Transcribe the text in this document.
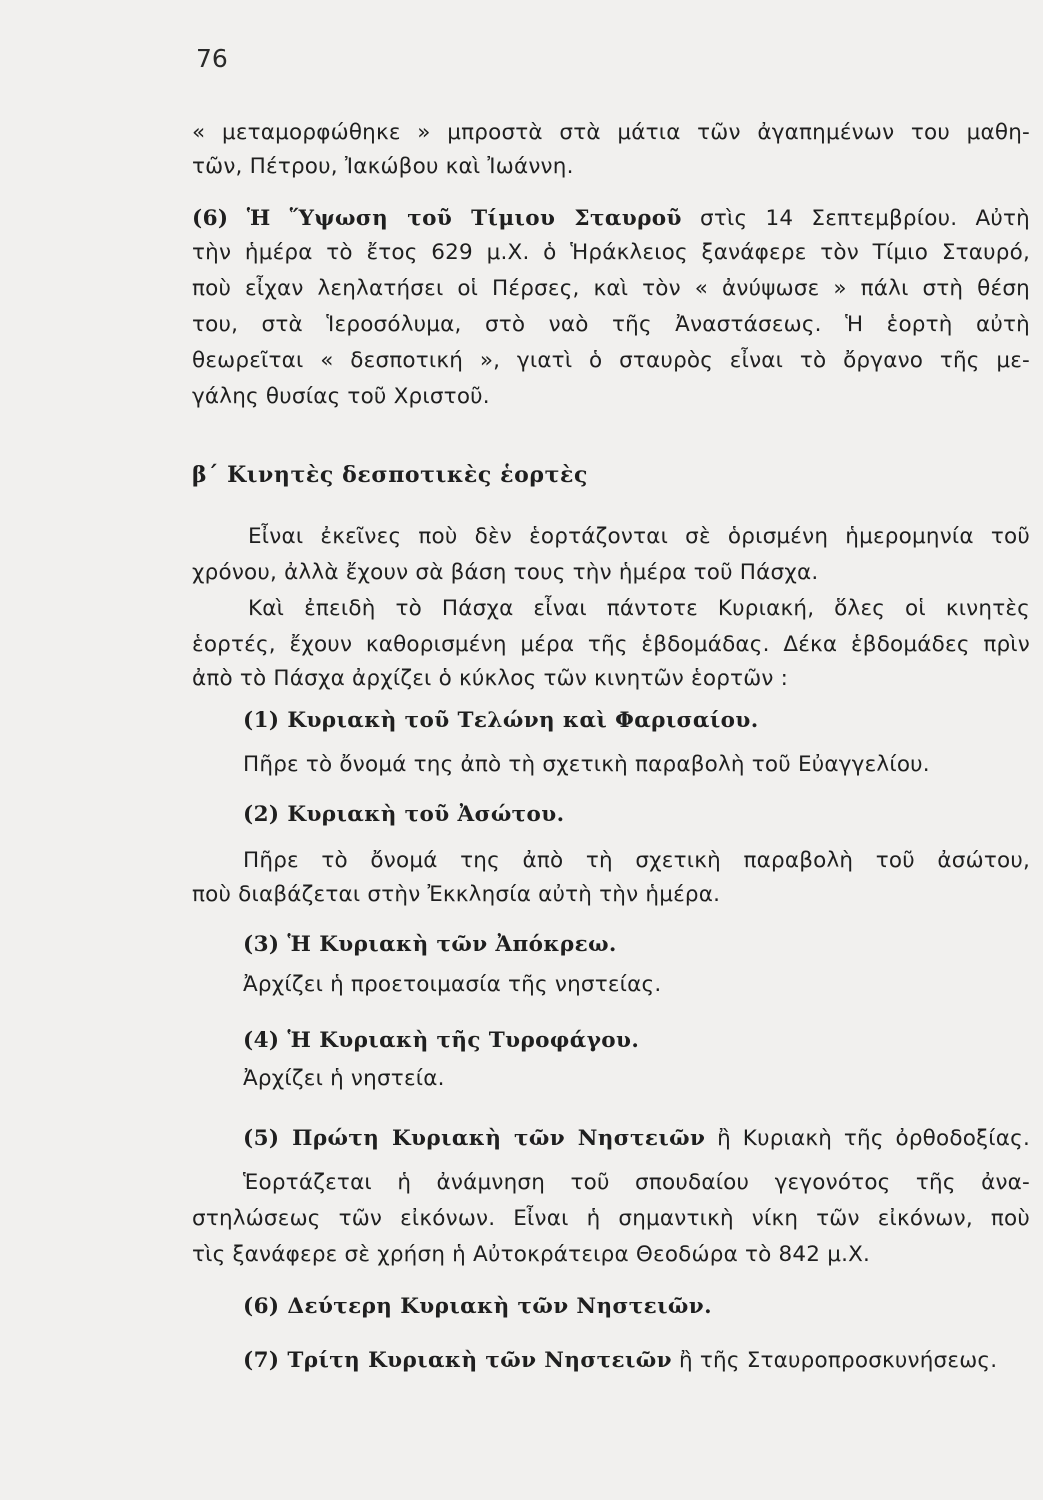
76
« μεταμορφώθηκε » μπροστὰ στὰ μάτια τῶν ἀγαπημένων του μαθη-
τῶν, Πέτρου, Ἰακώβου καὶ Ἰωάννη.
(6) Ἡ Ὕψωση τοῦ Τίμιου Σταυροῦ στὶς 14 Σεπτεμβρίου. Αὐτὴ
τὴν ἡμέρα τὸ ἔτος 629 μ.Χ. ὁ Ἡράκλειος ξανάφερε τὸν Τίμιο Σταυρό,
ποὺ εἶχαν λεηλατήσει οἱ Πέρσες, καὶ τὸν « ἀνύψωσε » πάλι στὴ θέση
του, στὰ Ἱεροσόλυμα, στὸ ναὸ τῆς Ἀναστάσεως. Ἡ ἑορτὴ αὐτὴ
θεωρεῖται « δεσποτική », γιατὶ ὁ σταυρὸς εἶναι τὸ ὄργανο τῆς με-
γάλης θυσίας τοῦ Χριστοῦ.
β΄ Κινητὲς δεσποτικὲς ἑορτὲς
Εἶναι ἐκεῖνες ποὺ δὲν ἑορτάζονται σὲ ὁρισμένη ἡμερομηνία τοῦ
χρόνου, ἀλλὰ ἔχουν σὰ βάση τους τὴν ἡμέρα τοῦ Πάσχα.
Καὶ ἐπειδὴ τὸ Πάσχα εἶναι πάντοτε Κυριακή, ὅλες οἱ κινητὲς
ἑορτές, ἔχουν καθορισμένη μέρα τῆς ἑβδομάδας. Δέκα ἑβδομάδες πρὶν
ἀπὸ τὸ Πάσχα ἀρχίζει ὁ κύκλος τῶν κινητῶν ἑορτῶν :
(1) Κυριακὴ τοῦ Τελώνη καὶ Φαρισαίου.
Πῆρε τὸ ὄνομά της ἀπὸ τὴ σχετικὴ παραβολὴ τοῦ Εὐαγγελίου.
(2) Κυριακὴ τοῦ Ἀσώτου.
Πῆρε τὸ ὄνομά της ἀπὸ τὴ σχετικὴ παραβολὴ τοῦ ἀσώτου,
ποὺ διαβάζεται στὴν Ἐκκλησία αὐτὴ τὴν ἡμέρα.
(3) Ἡ Κυριακὴ τῶν Ἀπόκρεω.
Ἀρχίζει ἡ προετοιμασία τῆς νηστείας.
(4) Ἡ Κυριακὴ τῆς Τυροφάγου.
Ἀρχίζει ἡ νηστεία.
(5) Πρώτη Κυριακὴ τῶν Νηστειῶν ἢ Κυριακὴ τῆς ὀρθοδοξίας.
Ἑορτάζεται ἡ ἀνάμνηση τοῦ σπουδαίου γεγονότος τῆς ἀνα-
στηλώσεως τῶν εἰκόνων. Εἶναι ἡ σημαντικὴ νίκη τῶν εἰκόνων, ποὺ
τὶς ξανάφερε σὲ χρήση ἡ Αὐτοκράτειρα Θεοδώρα τὸ 842 μ.Χ.
(6) Δεύτερη Κυριακὴ τῶν Νηστειῶν.
(7) Τρίτη Κυριακὴ τῶν Νηστειῶν ἢ τῆς Σταυροπροσκυνήσεως.
